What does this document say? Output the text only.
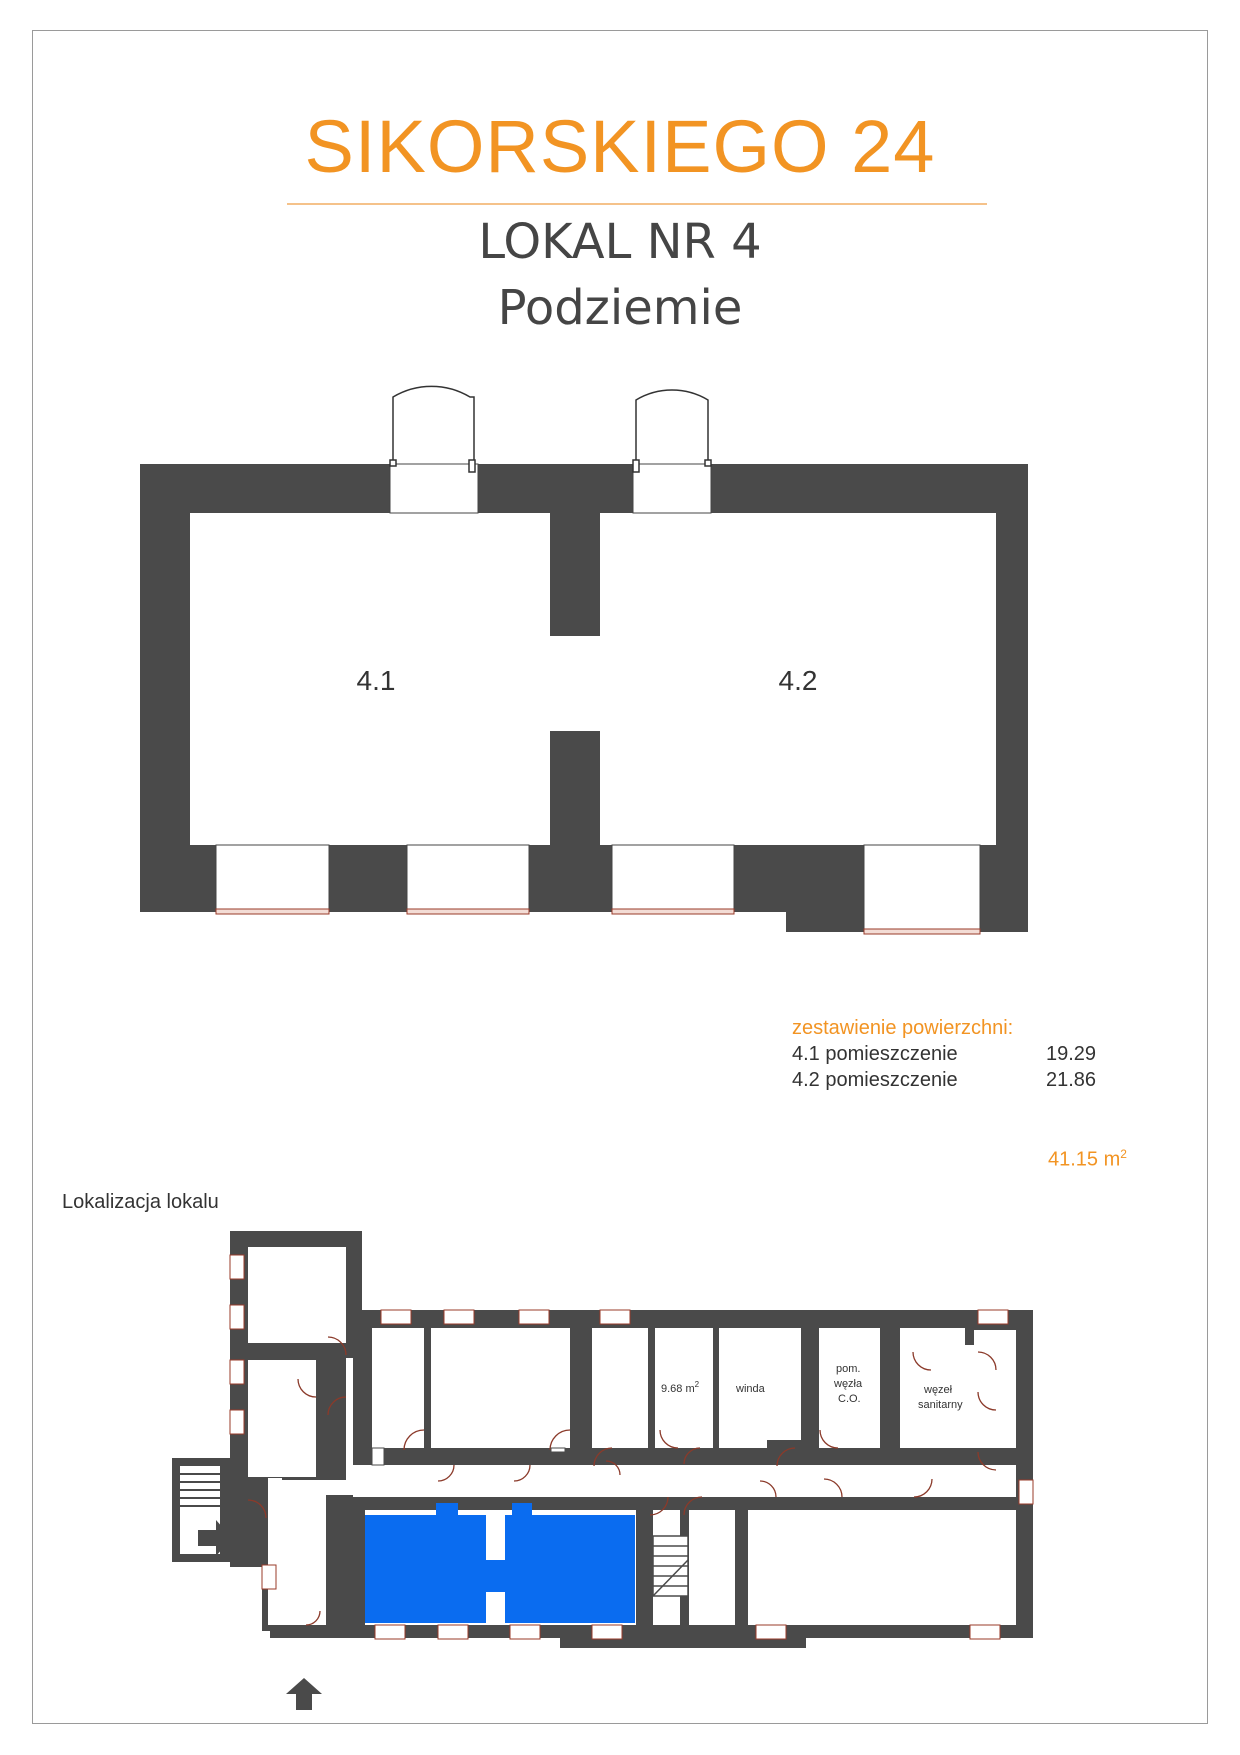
SIKORSKIEGO 24
LOKAL NR 4
Podziemie
4.1	4.2
9.68 $m^2$	winda
pom.
węzła
C.O.
węzeł
sanitarny
zestawienie powierzchni:
4.1 pomieszczenie	19.29
4.2 pomieszczenie	21.86
41.15 $m^2$
Lokalizacja lokalu
